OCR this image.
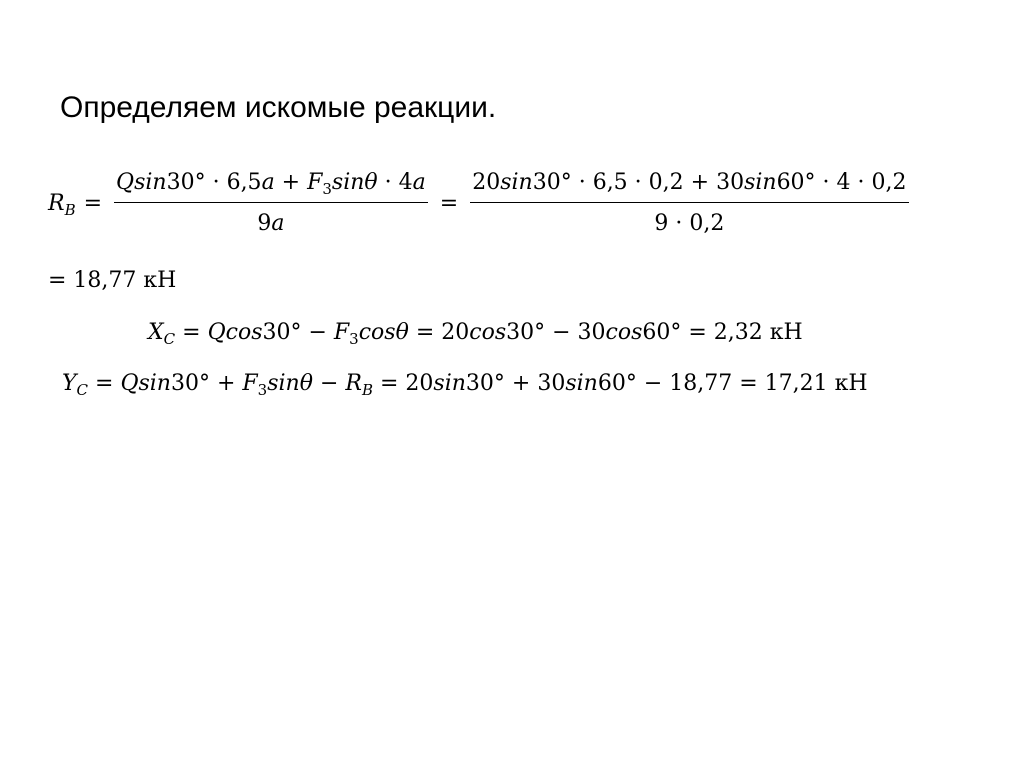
Определяем искомые реакции.
$R_B = \frac{Qsin30^\circ \cdot 6,5a + F_3\sin\theta \cdot 4a}{9a} = \frac{20\sin 30^\circ \cdot 6,5 \cdot 0,2 + 30\sin 60^\circ \cdot 4 \cdot 0,2}{9 \cdot 0,2}$
= 18,77 кН
$X_C = Qcos30^\circ - F_3\cos\theta = 20\cos 30^\circ - 30\cos 60^\circ = 2,32$ кН
$Y_C = Qsin30^\circ + F_3\sin\theta - R_B = 20\sin 30^\circ + 30\sin 60^\circ - 18,77 = 17,21$ кН
